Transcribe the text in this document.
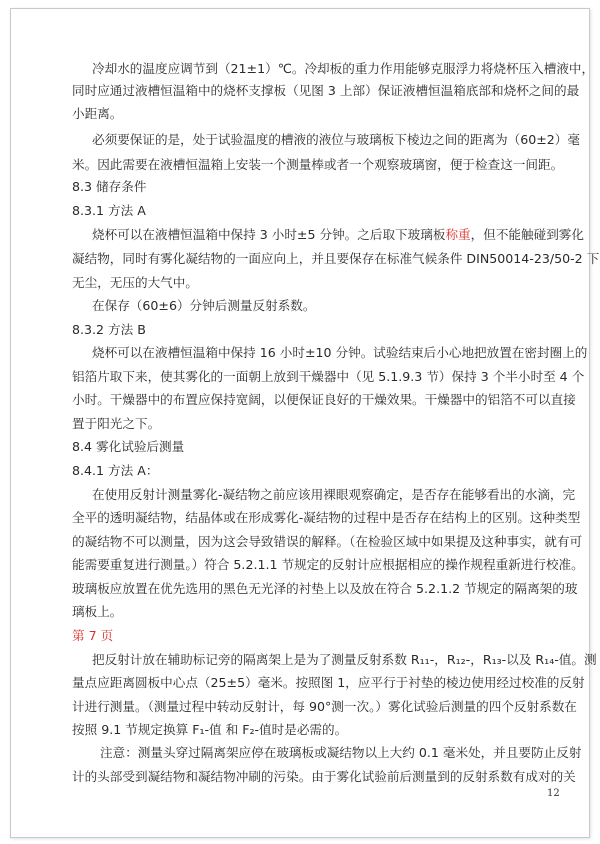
冷却水的温度应调节到（21±1）℃。冷却板的重力作用能够克服浮力将烧杯压入槽液中，
同时应通过液槽恒温箱中的烧杯支撑板（见图 3 上部）保证液槽恒温箱底部和烧杯之间的最
小距离。
必须要保证的是，处于试验温度的槽液的液位与玻璃板下棱边之间的距离为（60±2）毫
米。因此需要在液槽恒温箱上安装一个测量棒或者一个观察玻璃窗，便于检查这一间距。
8.3 储存条件
8.3.1 方法 A
烧杯可以在液槽恒温箱中保持 3 小时±5 分钟。之后取下玻璃板称重，但不能触碰到雾化
凝结物，同时有雾化凝结物的一面应向上，并且要保存在标准气候条件 DIN50014-23/50-2 下
无尘，无压的大气中。
在保存（60±6）分钟后测量反射系数。
8.3.2 方法 B
烧杯可以在液槽恒温箱中保持 16 小时±10 分钟。试验结束后小心地把放置在密封圈上的
铝箔片取下来，使其雾化的一面朝上放到干燥器中（见 5.1.9.3 节）保持 3 个半小时至 4 个
小时。干燥器中的布置应保持宽阔，以便保证良好的干燥效果。干燥器中的铝箔不可以直接
置于阳光之下。
8.4 雾化试验后测量
8.4.1 方法 A：
在使用反射计测量雾化-凝结物之前应该用裸眼观察确定，是否存在能够看出的水滴，完
全平的透明凝结物，结晶体或在形成雾化-凝结物的过程中是否存在结构上的区别。这种类型
的凝结物不可以测量，因为这会导致错误的解释。（在检验区域中如果提及这种事实，就有可
能需要重复进行测量。）符合 5.2.1.1 节规定的反射计应根据相应的操作规程重新进行校准。
玻璃板应放置在优先选用的黑色无光泽的衬垫上以及放在符合 5.2.1.2 节规定的隔离架的玻
璃板上。
第 7 页
把反射计放在辅助标记旁的隔离架上是为了测量反射系数 R₁₁-，R₁₂-，R₁₃-以及 R₁₄-值。测
量点应距离圆板中心点（25±5）毫米。按照图 1，应平行于衬垫的棱边使用经过校准的反射
计进行测量。（测量过程中转动反射计，每 90°测一次。）雾化试验后测量的四个反射系数在
按照 9.1 节规定换算 F₁-值 和 F₂-值时是必需的。
注意：测量头穿过隔离架应停在玻璃板或凝结物以上大约 0.1 毫米处，并且要防止反射
计的头部受到凝结物和凝结物冲刷的污染。由于雾化试验前后测量到的反射系数有成对的关
12
